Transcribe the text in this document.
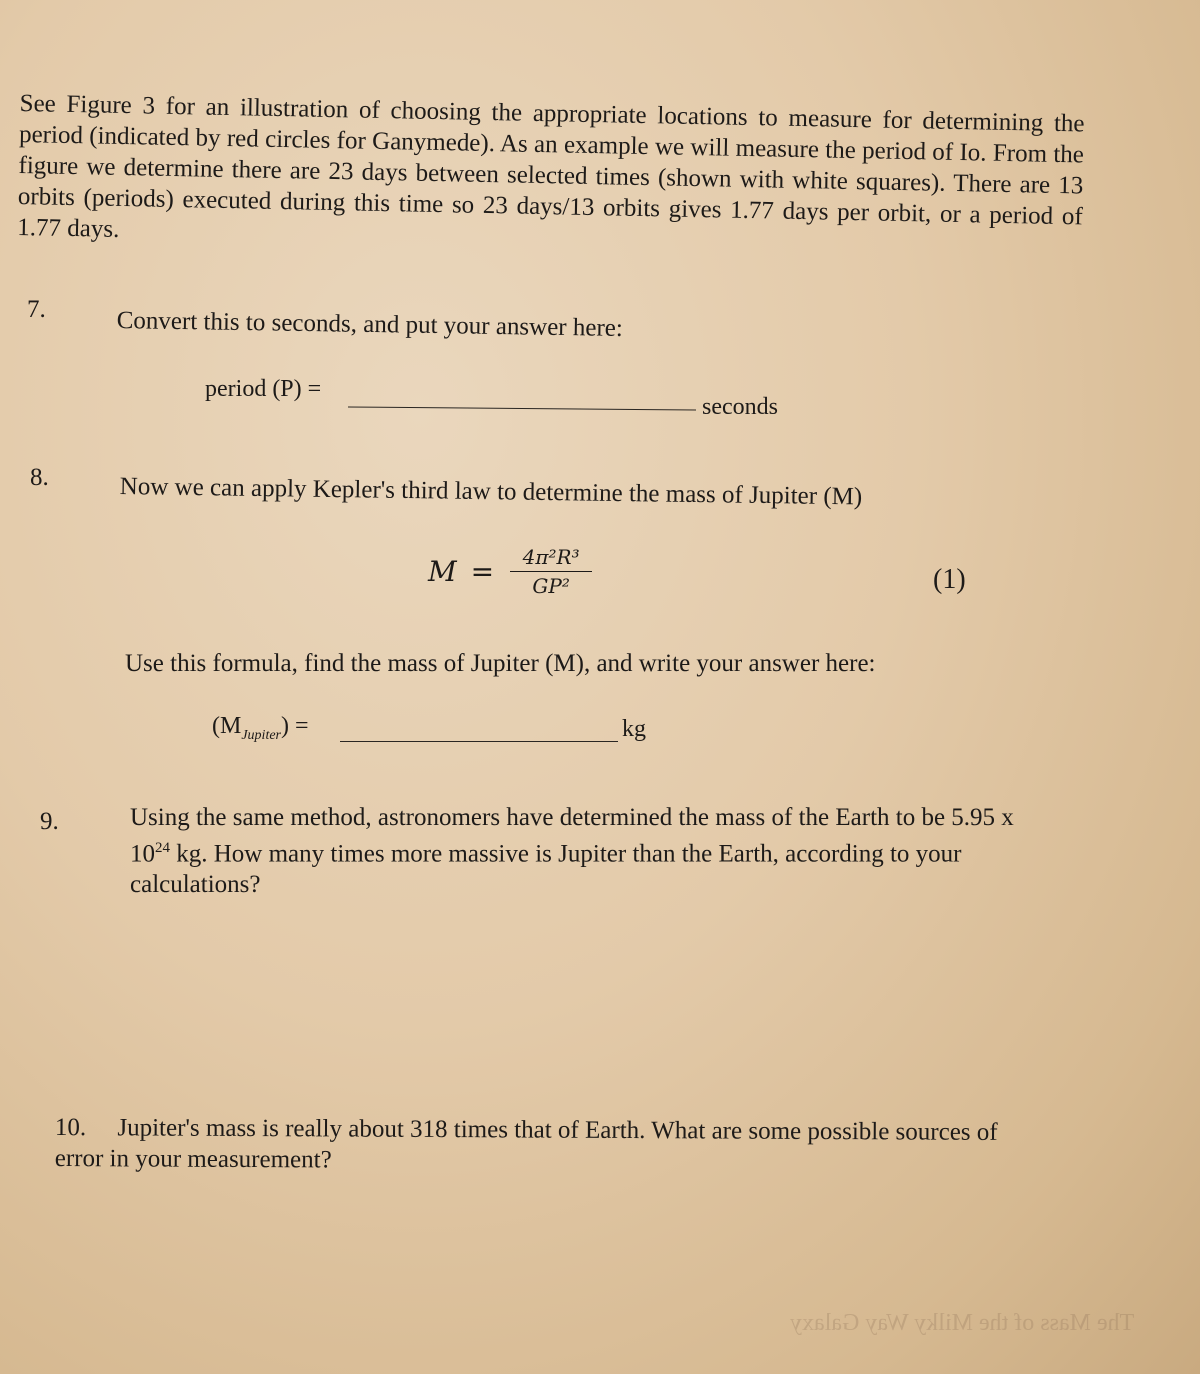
See Figure 3 for an illustration of choosing the appropriate locations to measure for determining the period (indicated by red circles for Ganymede). As an example we will measure the period of Io. From the figure we determine there are 23 days between selected times (shown with white squares). There are 13 orbits (periods) executed during this time so 23 days/13 orbits gives 1.77 days per orbit, or a period of 1.77 days.
7.	Convert this to seconds, and put your answer here:
period (P) =
seconds
8.	Now we can apply Kepler's third law to determine the mass of Jupiter (M)
$M = \frac{\text{4π²R³}}{\text{GP²}}$	(1)
Use this formula, find the mass of Jupiter (M), and write your answer here:
$(M_{Jupiter})$ =	kg
9.	Using the same method, astronomers have determined the mass of the Earth to be 5.95 x
$10^{24}$ kg. How many times more massive is Jupiter than the Earth, according to your
calculations?
10. Jupiter's mass is really about 318 times that of Earth. What are some possible sources of
error in your measurement?
The Mass of the Milky Way Galaxy
